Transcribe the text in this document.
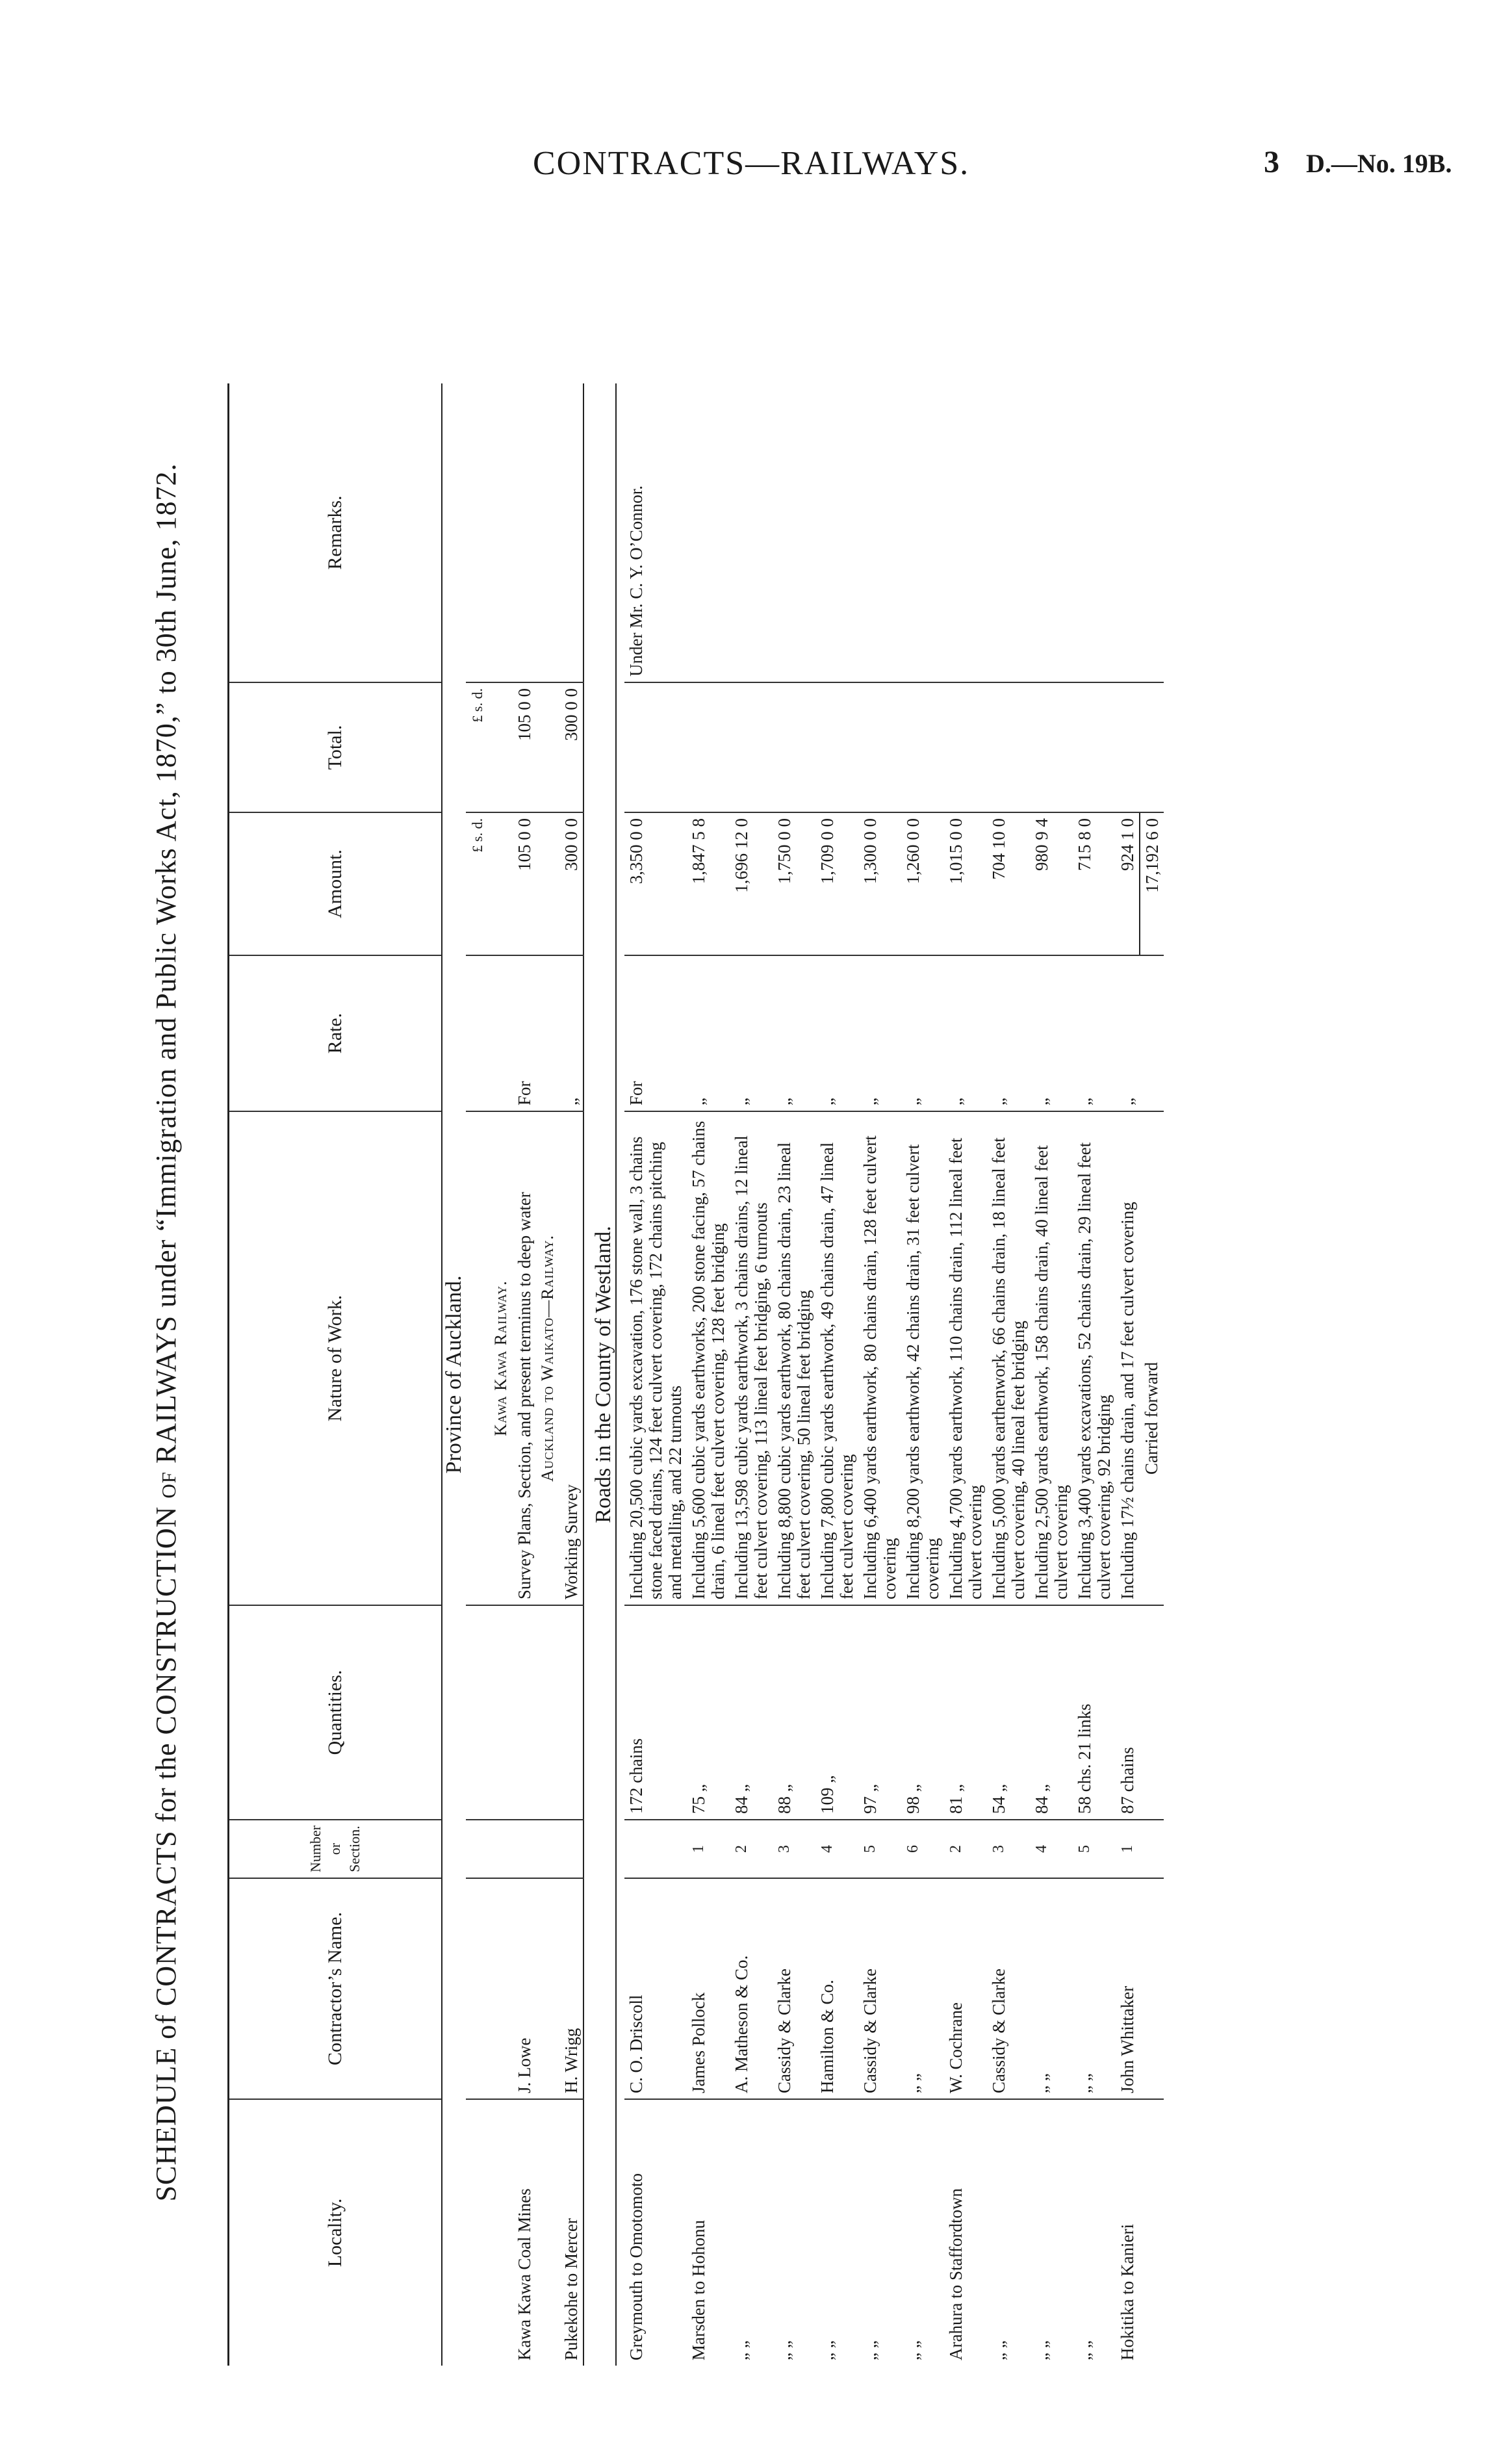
CONTRACTS—RAILWAYS.	3 D.—No. 19B.
SCHEDULE of CONTRACTS for the CONSTRUCTION of RAILWAYS under “Immigration and Public Works Act, 1870,” to 30th June, 1872.
Locality.	Contractor’s Name.	Number or Section.	Quantities.	Nature of Work.	Rate.	Amount.	Total.	Remarks.
Province of Auckland.								
						£ s. d.	£ s. d.	
				Kawa Kawa Railway.				
Kawa Kawa Coal Mines	J. Lowe			Survey Plans, Section, and present terminus to deep water	For	105 0 0	105 0 0	
				Auckland to Waikato—Railway.				
Pukekohe to Mercer	H. Wrigg			Working Survey	„	300 0 0	300 0 0	

Roads in the County of Westland.								

Greymouth to Omotomoto	C. O. Driscoll		172 chains	Including 20,500 cubic yards excavation, 176 stone wall, 3 chains stone faced drains, 124 feet culvert covering, 172 chains pitching and metalling, and 22 turnouts	For	3,350 0 0		Under Mr. C. Y. O’Connor.
Marsden to Hohonu	James Pollock	1	75 „	Including 5,600 cubic yards earthworks, 200 stone facing, 57 chains drain, 6 lineal feet culvert covering, 128 feet bridging	„	1,847 5 8		
„ „	A. Matheson & Co.	2	84 „	Including 13,598 cubic yards earthwork, 3 chains drains, 12 lineal feet culvert covering, 113 lineal feet bridging, 6 turnouts	„	1,696 12 0		
„ „	Cassidy & Clarke	3	88 „	Including 8,800 cubic yards earthwork, 80 chains drain, 23 lineal feet culvert covering, 50 lineal feet bridging	„	1,750 0 0		
„ „	Hamilton & Co.	4	109 „	Including 7,800 cubic yards earthwork, 49 chains drain, 47 lineal feet culvert covering	„	1,709 0 0		
„ „	Cassidy & Clarke	5	97 „	Including 6,400 yards earthwork, 80 chains drain, 128 feet culvert covering	„	1,300 0 0		
„ „	„ „	6	98 „	Including 8,200 yards earthwork, 42 chains drain, 31 feet culvert covering	„	1,260 0 0		
Arahura to Staffordtown	W. Cochrane	2	81 „	Including 4,700 yards earthwork, 110 chains drain, 112 lineal feet culvert covering	„	1,015 0 0		
„ „	Cassidy & Clarke	3	54 „	Including 5,000 yards earthenwork, 66 chains drain, 18 lineal feet culvert covering, 40 lineal feet bridging	„	704 10 0		
„ „	„ „	4	84 „	Including 2,500 yards earthwork, 158 chains drain, 40 lineal feet culvert covering	„	980 9 4		
„ „	„ „	5	58 chs. 21 links	Including 3,400 yards excavations, 52 chains drain, 29 lineal feet culvert covering, 92 bridging	„	715 8 0		
Hokitika to Kanieri	John Whittaker	1	87 chains	Including 17½ chains drain, and 17 feet culvert covering	„	924 1 0		
				Carried forward		17,192 6 0		
